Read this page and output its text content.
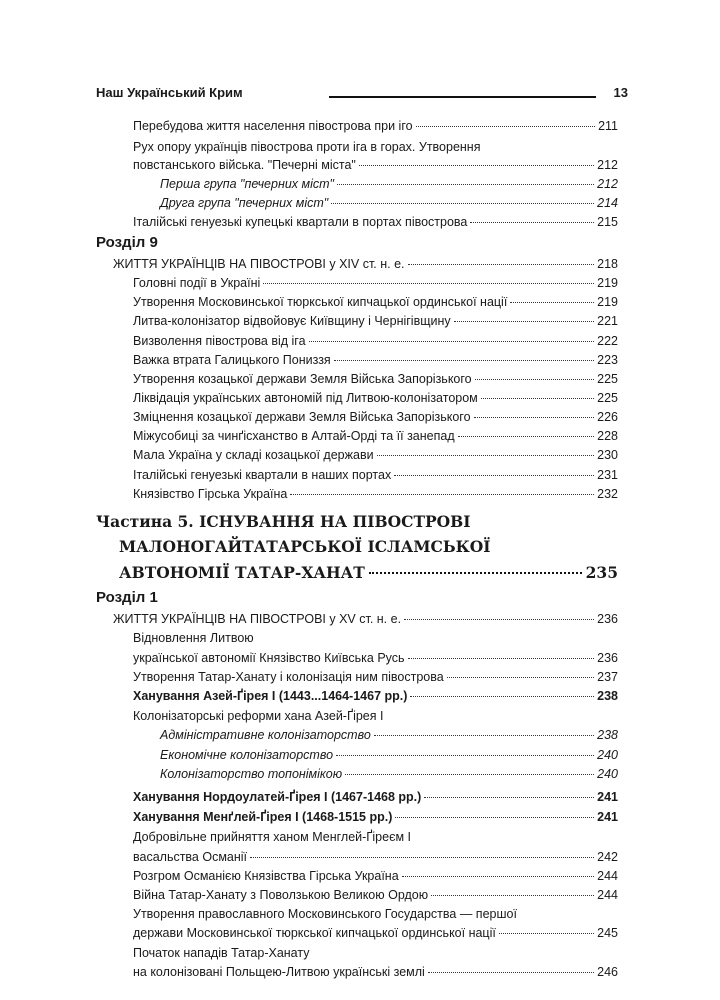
Наш Український Крим	13
Перебудова життя населення півострова при іго	211
Рух опору українців півострова проти іга в горах. Утворення
повстанського війська. "Печерні міста"	212
Перша група "печерних міст"	212
Друга група "печерних міст"	214
Італійські генуезькі купецькі квартали в портах півострова	215
Розділ 9
ЖИТТЯ УКРАЇНЦІВ НА ПІВОСТРОВІ у XIV ст. н. е.	218
Головні події в Україні	219
Утворення Московинської тюркської кипчацької ординської нації	219
Литва-колонізатор відвойовує Київщину і Чернігівщину	221
Визволення півострова від іга	222
Важка втрата Галицького Пониззя	223
Утворення козацької держави Земля Війська Запорізького	225
Ліквідація українських автономій під Литвою-колонізатором	225
Зміцнення козацької держави Земля Війська Запорізького	226
Міжусобиці за чинґісханство в Алтай-Орді та її занепад	228
Мала Україна у складі козацької держави	230
Італійські генуезькі квартали в наших портах	231
Князівство Гірська Україна	232
Частина 5. ІСНУВАННЯ НА ПІВОСТРОВІ
МАЛОНОГАЙТАТАРСЬКОЇ ІСЛАМСЬКОЇ
АВТОНОМІЇ ТАТАР-ХАНАТ	235
Розділ 1
ЖИТТЯ УКРАЇНЦІВ НА ПІВОСТРОВІ у XV ст. н. е.	236
Відновлення Литвою
української автономії Князівство Київська Русь	236
Утворення Татар-Ханату і колонізація ним півострова	237
Ханування Азей-Ґірея I (1443...1464-1467 рр.)	238
Колонізаторські реформи хана Азей-Ґірея I
Адміністративне колонізаторство	238
Економічне колонізаторство	240
Колонізаторство топонімікою	240
Ханування Нордоулатей-Ґірея I (1467-1468 рр.)	241
Ханування Менґлей-Ґірея I (1468-1515 рр.)	241
Добровільне прийняття ханом Менглей-Ґіреєм I
васальства Османії	242
Розгром Османією Князівства Гірська Україна	244
Війна Татар-Ханату з Поволзькою Великою Ордою	244
Утворення православного Московинського Государства — першої
держави Московинської тюркської кипчацької ординської нації	245
Початок нападів Татар-Ханату
на колонізовані Польщею-Литвою українські землі	246
